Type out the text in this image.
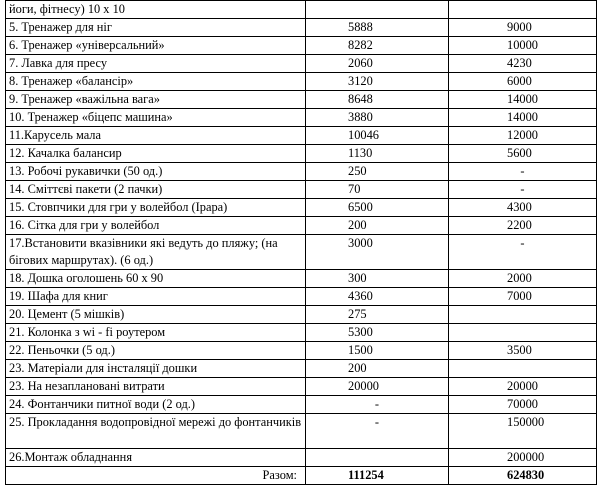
йоги, фітнесу) 10 х 10		
5. Тренажер для ніг	5888	9000
6. Тренажер «універсальний»	8282	10000
7. Лавка для пресу	2060	4230
8. Тренажер «балансір»	3120	6000
9. Тренажер «важільна вага»	8648	14000
10. Тренажер «біцепс машина»	3880	14000
11.Карусель мала	10046	12000
12. Качалка балансир	1130	5600
13. Робочі рукавички (50 од.)	250	-
14. Сміттєві пакети (2 пачки)	70	-
15. Стовпчики для гри у волейбол (Ipара)	6500	4300
16. Сітка для гри у волейбол	200	2200
17.Встановити вказівники які ведуть до пляжу; (на бігових маршрутах). (6 од.)	3000	-
18. Дошка оголошень 60 х 90	300	2000
19. Шафа для книг	4360	7000
20. Цемент (5 мішків)	275	
21. Колонка з wi - fi роутером	5300	
22. Пеньочки (5 од.)	1500	3500
23. Матеріали для інсталяції дошки	200	
23. На незаплановані витрати	20000	20000
24. Фонтанчики питної води (2 од.)	-	70000
25. Прокладання водопровідної мережі до фонтанчиків	-	150000
26.Монтаж обладнання		200000
Разом:	111254	624830
